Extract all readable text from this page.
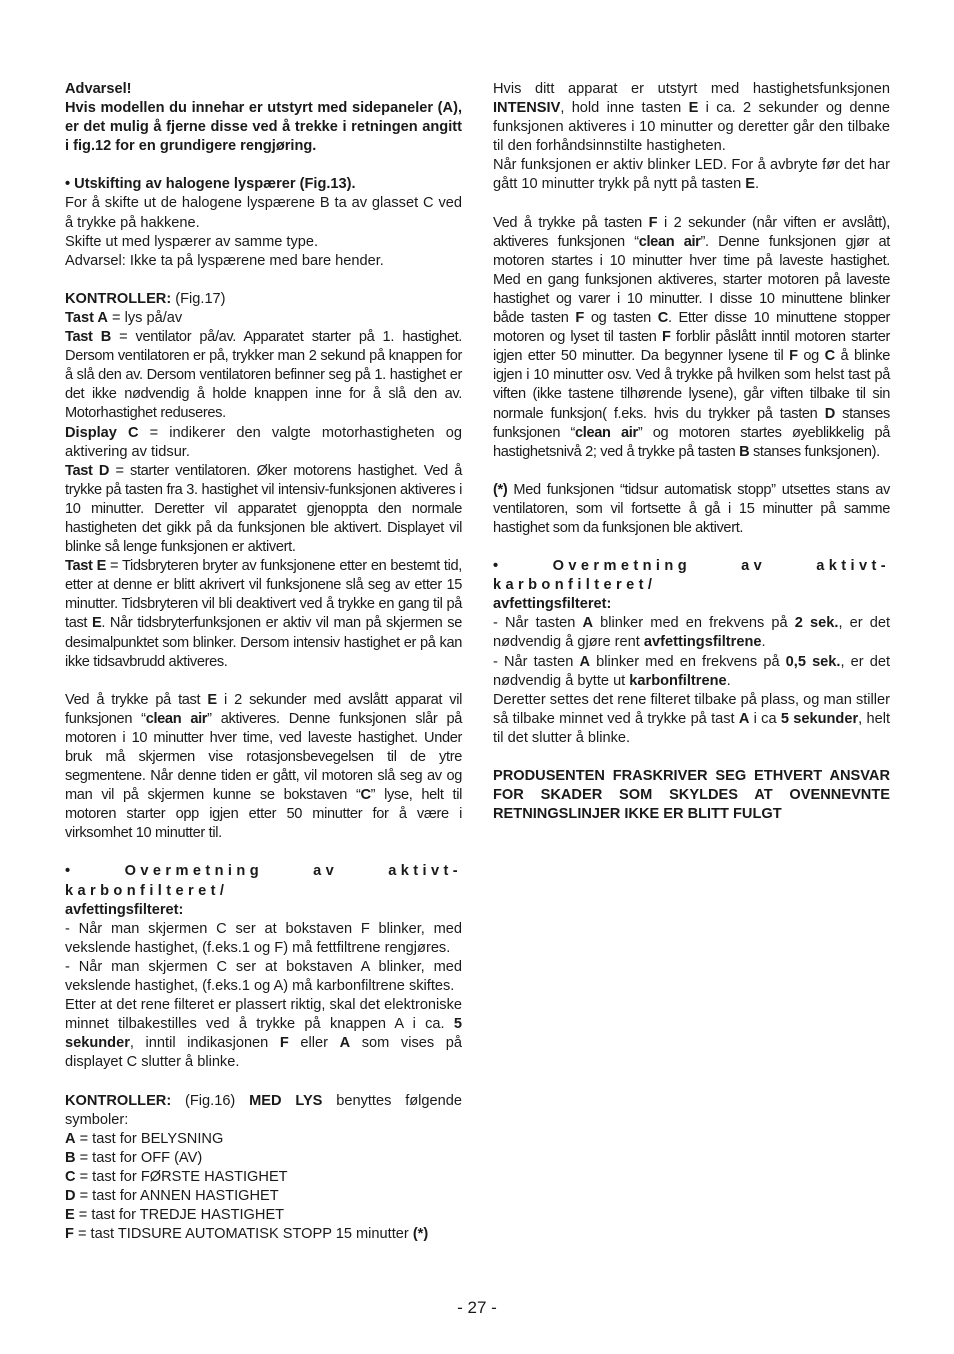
Advarsel!

Hvis modellen du innehar er utstyrt med sidepaneler (A), er det mulig å fjerne disse ved å trekke i retningen angitt i fig.12 for en grundigere rengjøring.

• Utskifting av halogene lyspærer (Fig.13).

For å skifte ut de halogene lyspærene B ta av glasset C ved å trykke på hakkene.

Skifte ut med lyspærer av samme type.

Advarsel: Ikke ta på lyspærene med bare hender.

KONTROLLER: (Fig.17)

Tast A = lys på/av

Tast B = ventilator på/av. Apparatet starter på 1. hastighet. Dersom ventilatoren er på, trykker man 2 sekund på knappen for å slå den av. Dersom ventilatoren befinner seg på 1. hastighet er det ikke nødvendig å holde knappen inne for å slå den av. Motorhastighet reduseres.

Display C = indikerer den valgte motorhastigheten og aktivering av tidsur.

Tast D = starter ventilatoren. Øker motorens hastighet. Ved å trykke på tasten fra 3. hastighet vil intensiv-funksjonen aktiveres i 10 minutter. Deretter vil apparatet gjenoppta den normale hastigheten det gikk på da funksjonen ble aktivert. Displayet vil blinke så lenge funksjonen er aktivert.

Tast E = Tidsbryteren bryter av funksjonene etter en bestemt tid, etter at denne er blitt akrivert vil funksjonene slå seg av etter 15 minutter. Tidsbryteren vil bli deaktivert ved å trykke en gang til på tast E. Når tidsbryterfunksjonen er aktiv vil man på skjermen se desimalpunktet som blinker. Dersom intensiv hastighet er på kan ikke tidsavbrudd aktiveres.

Ved å trykke på tast E i 2 sekunder med avslått apparat vil funksjonen “clean air” aktiveres. Denne funksjonen slår på motoren i 10 minutter hver time, ved laveste hastighet. Under bruk må skjermen vise rotasjonsbevegelsen til de ytre segmentene. Når denne tiden er gått, vil motoren slå seg av og man vil på skjermen kunne se bokstaven “C” lyse, helt til motoren starter opp igjen etter 50 minutter for å være i virksomhet 10 minutter til.

• Overmetning av aktivt-karbonfilteret/

avfettingsfilteret:

- Når man skjermen C ser at bokstaven F blinker, med vekslende hastighet, (f.eks.1 og F) må fettfiltrene rengjøres.

- Når man skjermen C ser at bokstaven A blinker, med vekslende hastighet, (f.eks.1 og A) må karbonfiltrene skiftes.

Etter at det rene filteret er plassert riktig, skal det elektroniske minnet tilbakestilles ved å trykke på knappen A i ca. 5 sekunder, inntil indikasjonen F eller A som vises på displayet C slutter å blinke.

KONTROLLER: (Fig.16) MED LYS benyttes følgende symboler:

A = tast for BELYSNING

B = tast for OFF (AV)

C = tast for FØRSTE HASTIGHET

D = tast for ANNEN HASTIGHET

E = tast for TREDJE HASTIGHET

F = tast TIDSURE AUTOMATISK STOPP 15 minutter (*)

Hvis ditt apparat er utstyrt med hastighetsfunksjonen INTENSIV, hold inne tasten E i ca. 2 sekunder og denne funksjonen aktiveres i 10 minutter og deretter går den tilbake til den forhåndsinnstilte hastigheten.

Når funksjonen er aktiv blinker LED. For å avbryte før det har gått 10 minutter trykk på nytt på tasten E.

Ved å trykke på tasten F i 2 sekunder (når viften er avslått), aktiveres funksjonen “clean air”. Denne funksjonen gjør at motoren startes i 10 minutter hver time på laveste hastighet. Med en gang funksjonen aktiveres, starter motoren på laveste hastighet og varer i 10 minutter. I disse 10 minuttene blinker både tasten F og tasten C. Etter disse 10 minuttene stopper motoren og lyset til tasten F forblir påslått inntil motoren starter igjen etter 50 minutter. Da begynner lysene til F og C å blinke igjen i 10 minutter osv. Ved å trykke på hvilken som helst tast på viften (ikke tastene tilhørende lysene), går viften tilbake til sin normale funksjon( f.eks. hvis du trykker på tasten D stanses funksjonen “clean air” og motoren startes øyeblikkelig på hastighetsnivå 2; ved å trykke på tasten B stanses funksjonen).

(*) Med funksjonen “tidsur automatisk stopp” utsettes stans av ventilatoren, som vil fortsette å gå i 15 minutter på samme hastighet som da funksjonen ble aktivert.

• Overmetning av aktivt-karbonfilteret/

avfettingsfilteret:

- Når tasten A blinker med en frekvens på 2 sek., er det nødvendig å gjøre rent avfettingsfiltrene.

- Når tasten A blinker med en frekvens på 0,5 sek., er det nødvendig å bytte ut karbonfiltrene.

Deretter settes det rene filteret tilbake på plass, og man stiller så tilbake minnet ved å trykke på tast A i ca 5 sekunder, helt til det slutter å blinke.

PRODUSENTEN FRASKRIVER SEG ETHVERT ANSVAR FOR SKADER SOM SKYLDES AT OVENNEVNTE RETNINGSLINJER IKKE ER BLITT FULGT

- 27 -
